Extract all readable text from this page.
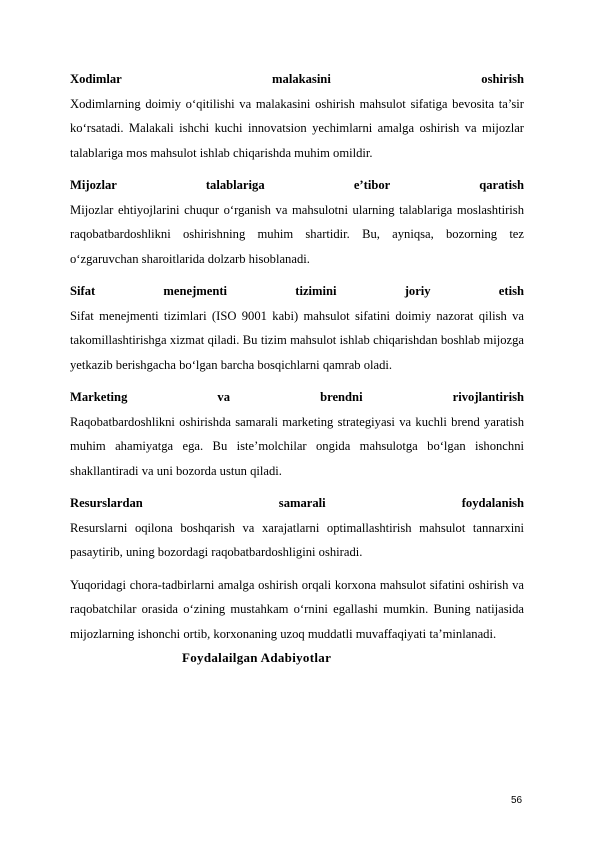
Xodimlar malakasini oshirish

Xodimlarning doimiy o‘qitilishi va malakasini oshirish mahsulot sifatiga bevosita ta’sir ko‘rsatadi. Malakali ishchi kuchi innovatsion yechimlarni amalga oshirish va mijozlar talablariga mos mahsulot ishlab chiqarishda muhim omildir.

Mijozlar talablariga e’tibor qaratish

Mijozlar ehtiyojlarini chuqur o‘rganish va mahsulotni ularning talablariga moslashtirish raqobatbardoshlikni oshirishning muhim shartidir. Bu, ayniqsa, bozorning tez o‘zgaruvchan sharoitlarida dolzarb hisoblanadi.

Sifat menejmenti tizimini joriy etish

Sifat menejmenti tizimlari (ISO 9001 kabi) mahsulot sifatini doimiy nazorat qilish va takomillashtirishga xizmat qiladi. Bu tizim mahsulot ishlab chiqarishdan boshlab mijozga yetkazib berishgacha bo‘lgan barcha bosqichlarni qamrab oladi.

Marketing va brendni rivojlantirish

Raqobatbardoshlikni oshirishda samarali marketing strategiyasi va kuchli brend yaratish muhim ahamiyatga ega. Bu iste’molchilar ongida mahsulotga bo‘lgan ishonchni shakllantiradi va uni bozorda ustun qiladi.

Resurslardan samarali foydalanish

Resurslarni oqilona boshqarish va xarajatlarni optimallashtirish mahsulot tannarxini pasaytirib, uning bozordagi raqobatbardoshligini oshiradi.

Yuqoridagi chora-tadbirlarni amalga oshirish orqali korxona mahsulot sifatini oshirish va raqobatchilar orasida o‘zining mustahkam o‘rnini egallashi mumkin. Buning natijasida mijozlarning ishonchi ortib, korxonaning uzoq muddatli muvaffaqiyati ta’minlanadi.

Foydalailgan Adabiyotlar

56
